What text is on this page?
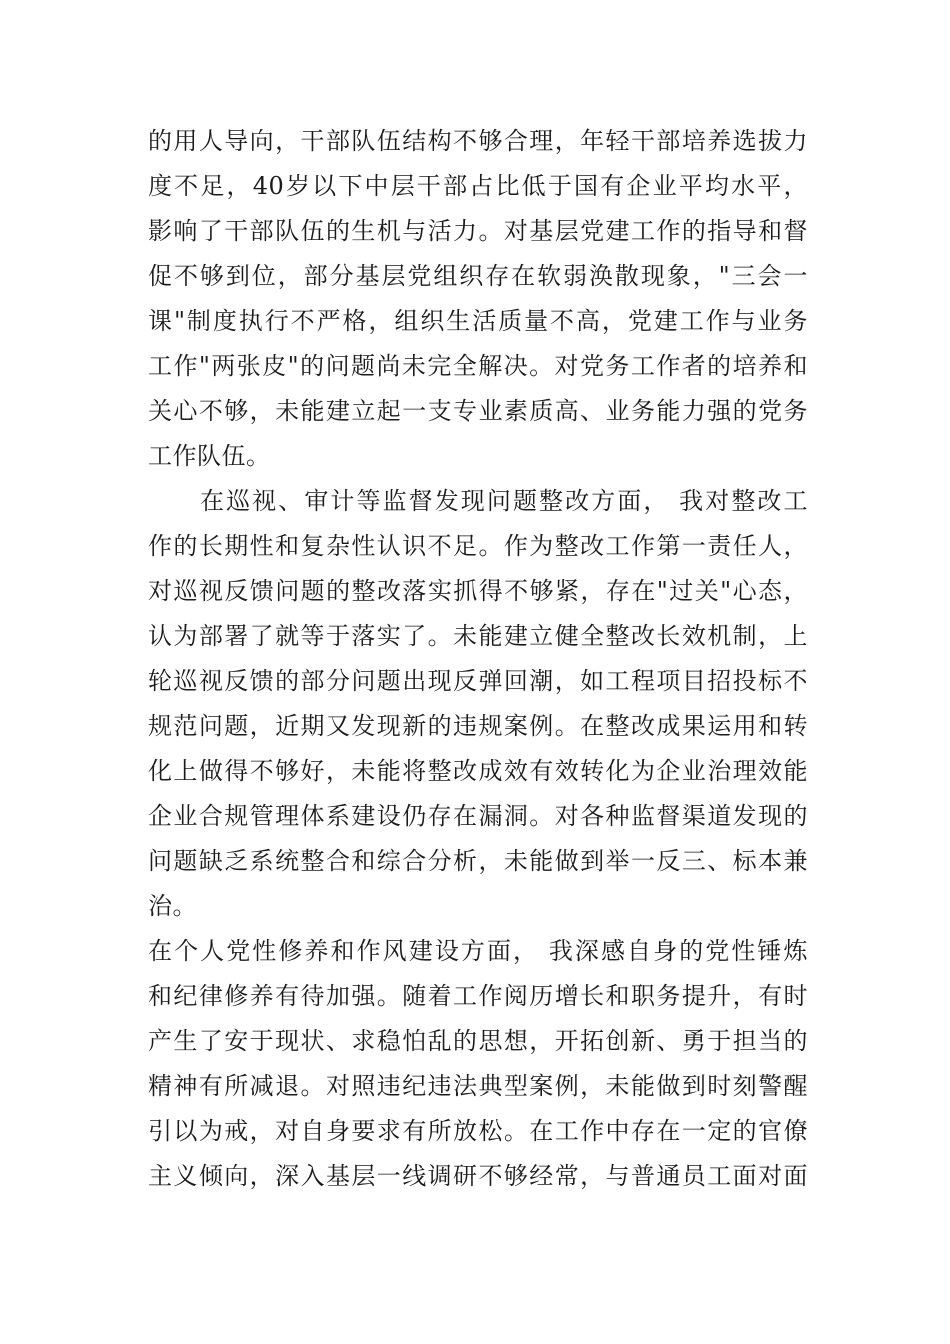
的用人导向，干部队伍结构不够合理，年轻干部培养选拔力
度不足，40岁以下中层干部占比低于国有企业平均水平，
影响了干部队伍的生机与活力。对基层党建工作的指导和督
促不够到位，部分基层党组织存在软弱涣散现象，"三会一
课"制度执行不严格，组织生活质量不高，党建工作与业务
工作"两张皮"的问题尚未完全解决。对党务工作者的培养和
关心不够，未能建立起一支专业素质高、业务能力强的党务
工作队伍。
在巡视、审计等监督发现问题整改方面， 我对整改工
作的长期性和复杂性认识不足。作为整改工作第一责任人，
对巡视反馈问题的整改落实抓得不够紧，存在"过关"心态，
认为部署了就等于落实了。未能建立健全整改长效机制，上
轮巡视反馈的部分问题出现反弹回潮，如工程项目招投标不
规范问题，近期又发现新的违规案例。在整改成果运用和转
化上做得不够好，未能将整改成效有效转化为企业治理效能
企业合规管理体系建设仍存在漏洞。对各种监督渠道发现的
问题缺乏系统整合和综合分析，未能做到举一反三、标本兼
治。
在个人党性修养和作风建设方面， 我深感自身的党性锤炼
和纪律修养有待加强。随着工作阅历增长和职务提升，有时
产生了安于现状、求稳怕乱的思想，开拓创新、勇于担当的
精神有所减退。对照违纪违法典型案例，未能做到时刻警醒
引以为戒，对自身要求有所放松。在工作中存在一定的官僚
主义倾向，深入基层一线调研不够经常，与普通员工面对面
